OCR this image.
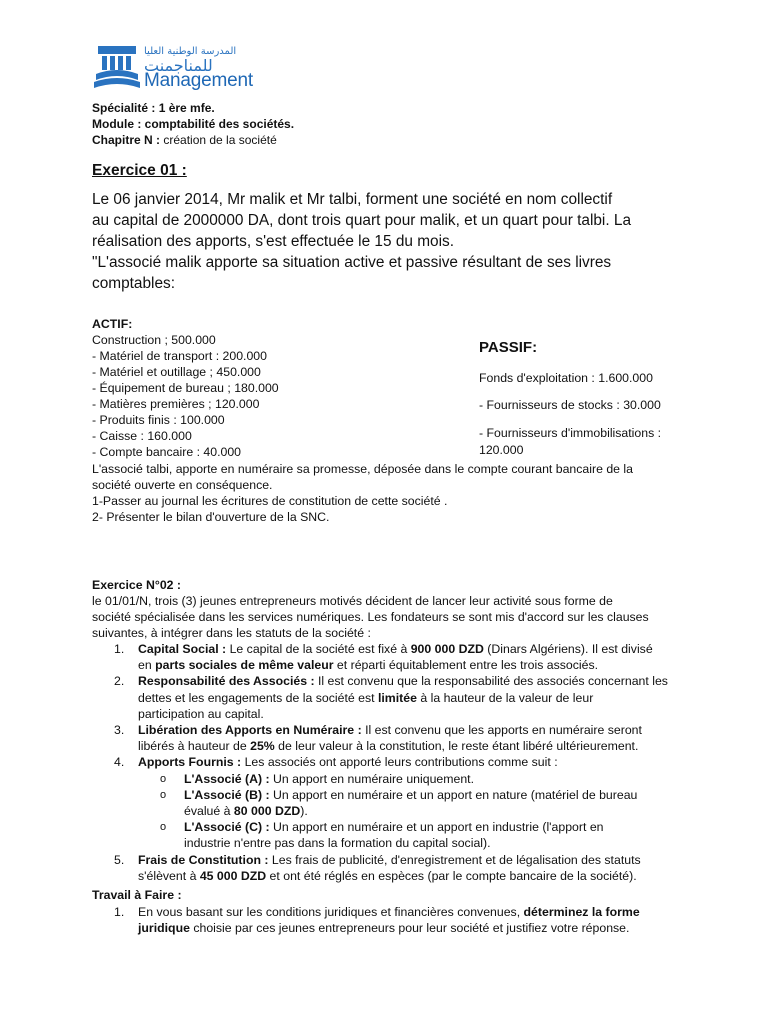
المدرسة الوطنية العليا
للمناجمنت
Management
Spécialité : 1 ère mfe.
Module : comptabilité des sociétés.
Chapitre N : création de la société
Exercice 01 :
Le 06 janvier 2014, Mr malik et Mr talbi, forment une société en nom collectif
au capital de 2000000 DA, dont trois quart pour malik, et un quart pour talbi. La
réalisation des apports, s'est effectuée le 15 du mois.
"L'associé malik apporte sa situation active et passive résultant de ses livres
comptables:
ACTIF:
Construction ; 500.000
- Matériel de transport : 200.000
- Matériel et outillage ; 450.000
- Équipement de bureau ; 180.000
- Matières premières ; 120.000
- Produits finis : 100.000
- Caisse : 160.000
- Compte bancaire : 40.000
PASSIF:
Fonds d'exploitation : 1.600.000
- Fournisseurs de stocks : 30.000
- Fournisseurs d'immobilisations :
120.000
L'associé talbi, apporte en numéraire sa promesse, déposée dans le compte courant bancaire de la
société ouverte en conséquence.
1-Passer au journal les écritures de constitution de cette société .
2- Présenter le bilan d'ouverture de la SNC.
Exercice N°02 :
le 01/01/N, trois (3) jeunes entrepreneurs motivés décident de lancer leur activité sous forme de
société spécialisée dans les services numériques. Les fondateurs se sont mis d'accord sur les clauses
suivantes, à intégrer dans les statuts de la société :
1. Capital Social : Le capital de la société est fixé à 900 000 DZD (Dinars Algériens). Il est divisé
en parts sociales de même valeur et réparti équitablement entre les trois associés.
2. Responsabilité des Associés : Il est convenu que la responsabilité des associés concernant les
dettes et les engagements de la société est limitée à la hauteur de la valeur de leur
participation au capital.
3. Libération des Apports en Numéraire : Il est convenu que les apports en numéraire seront
libérés à hauteur de 25% de leur valeur à la constitution, le reste étant libéré ultérieurement.
4. Apports Fournis : Les associés ont apporté leurs contributions comme suit :
o L'Associé (A) : Un apport en numéraire uniquement.
o L'Associé (B) : Un apport en numéraire et un apport en nature (matériel de bureau
évalué à 80 000 DZD).
o L'Associé (C) : Un apport en numéraire et un apport en industrie (l'apport en
industrie n'entre pas dans la formation du capital social).
5. Frais de Constitution : Les frais de publicité, d'enregistrement et de légalisation des statuts
s'élèvent à 45 000 DZD et ont été réglés en espèces (par le compte bancaire de la société).
Travail à Faire :
1. En vous basant sur les conditions juridiques et financières convenues, déterminez la forme
juridique choisie par ces jeunes entrepreneurs pour leur société et justifiez votre réponse.
